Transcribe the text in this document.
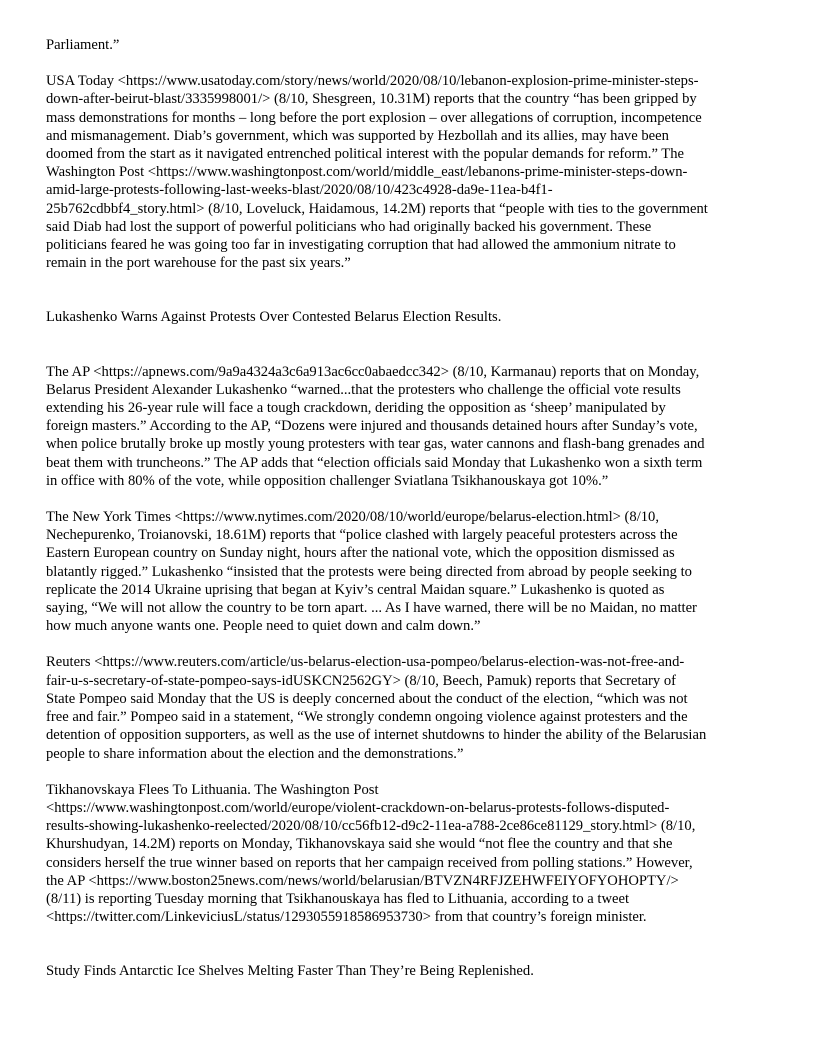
Parliament.”

USA Today <https://www.usatoday.com/story/news/world/2020/08/10/lebanon-explosion-prime-minister-steps-
down-after-beirut-blast/3335998001/> (8/10, Shesgreen, 10.31M) reports that the country “has been gripped by
mass demonstrations for months – long before the port explosion – over allegations of corruption, incompetence
and mismanagement. Diab’s government, which was supported by Hezbollah and its allies, may have been
doomed from the start as it navigated entrenched political interest with the popular demands for reform.” The
Washington Post <https://www.washingtonpost.com/world/middle_east/lebanons-prime-minister-steps-down-
amid-large-protests-following-last-weeks-blast/2020/08/10/423c4928-da9e-11ea-b4f1-
25b762cdbbf4_story.html> (8/10, Loveluck, Haidamous, 14.2M) reports that “people with ties to the government
said Diab had lost the support of powerful politicians who had originally backed his government. These
politicians feared he was going too far in investigating corruption that had allowed the ammonium nitrate to
remain in the port warehouse for the past six years.”

Lukashenko Warns Against Protests Over Contested Belarus Election Results.

The AP <https://apnews.com/9a9a4324a3c6a913ac6cc0abaedcc342> (8/10, Karmanau) reports that on Monday,
Belarus President Alexander Lukashenko “warned...that the protesters who challenge the official vote results
extending his 26-year rule will face a tough crackdown, deriding the opposition as ‘sheep’ manipulated by
foreign masters.” According to the AP, “Dozens were injured and thousands detained hours after Sunday’s vote,
when police brutally broke up mostly young protesters with tear gas, water cannons and flash-bang grenades and
beat them with truncheons.” The AP adds that “election officials said Monday that Lukashenko won a sixth term
in office with 80% of the vote, while opposition challenger Sviatlana Tsikhanouskaya got 10%.”

The New York Times <https://www.nytimes.com/2020/08/10/world/europe/belarus-election.html> (8/10,
Nechepurenko, Troianovski, 18.61M) reports that “police clashed with largely peaceful protesters across the
Eastern European country on Sunday night, hours after the national vote, which the opposition dismissed as
blatantly rigged.” Lukashenko “insisted that the protests were being directed from abroad by people seeking to
replicate the 2014 Ukraine uprising that began at Kyiv’s central Maidan square.” Lukashenko is quoted as
saying, “We will not allow the country to be torn apart. ... As I have warned, there will be no Maidan, no matter
how much anyone wants one. People need to quiet down and calm down.”

Reuters <https://www.reuters.com/article/us-belarus-election-usa-pompeo/belarus-election-was-not-free-and-
fair-u-s-secretary-of-state-pompeo-says-idUSKCN2562GY> (8/10, Beech, Pamuk) reports that Secretary of
State Pompeo said Monday that the US is deeply concerned about the conduct of the election, “which was not
free and fair.” Pompeo said in a statement, “We strongly condemn ongoing violence against protesters and the
detention of opposition supporters, as well as the use of internet shutdowns to hinder the ability of the Belarusian
people to share information about the election and the demonstrations.”

Tikhanovskaya Flees To Lithuania. The Washington Post
<https://www.washingtonpost.com/world/europe/violent-crackdown-on-belarus-protests-follows-disputed-
results-showing-lukashenko-reelected/2020/08/10/cc56fb12-d9c2-11ea-a788-2ce86ce81129_story.html> (8/10,
Khurshudyan, 14.2M) reports on Monday, Tikhanovskaya said she would “not flee the country and that she
considers herself the true winner based on reports that her campaign received from polling stations.” However,
the AP <https://www.boston25news.com/news/world/belarusian/BTVZN4RFJZEHWFEIYOFYOHOPTY/>
(8/11) is reporting Tuesday morning that Tsikhanouskaya has fled to Lithuania, according to a tweet
<https://twitter.com/LinkeviciusL/status/1293055918586953730> from that country’s foreign minister.

Study Finds Antarctic Ice Shelves Melting Faster Than They’re Being Replenished.
